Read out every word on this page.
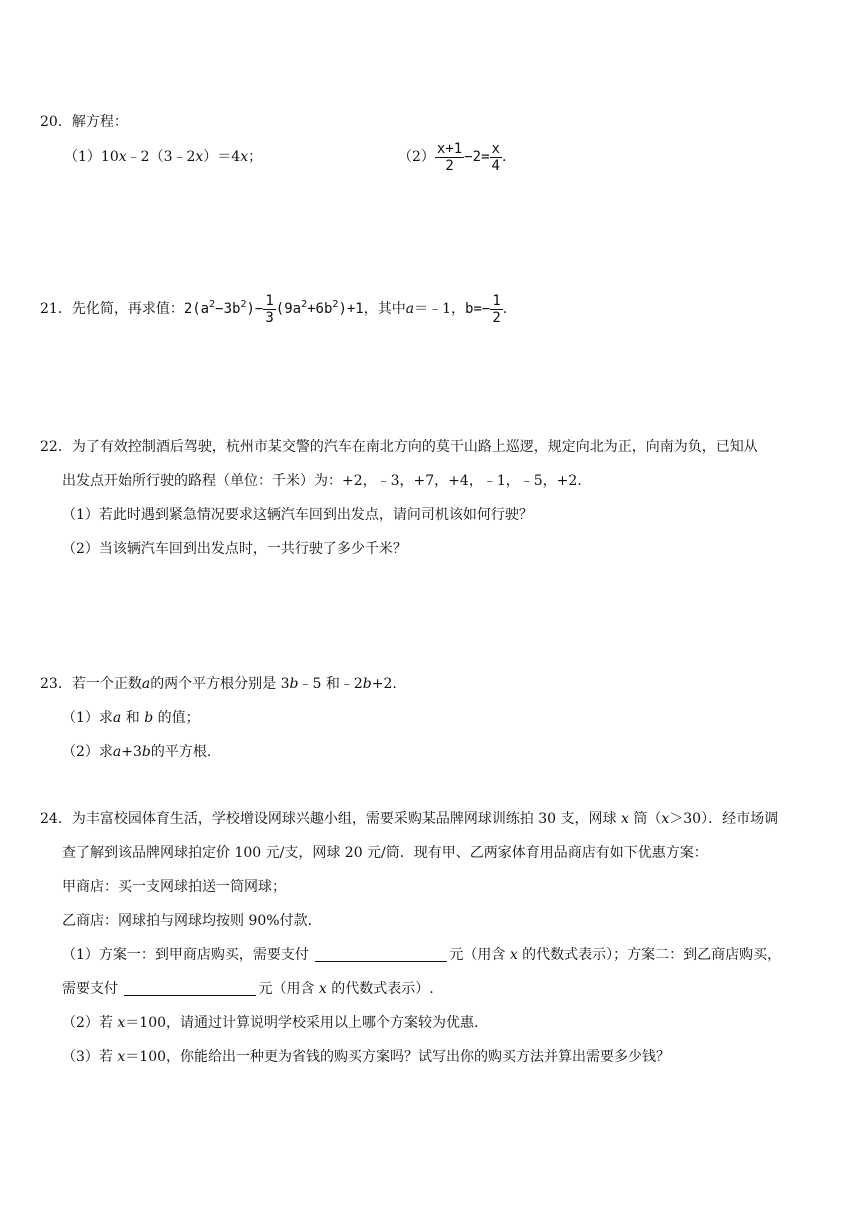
20．解方程：
（1）10x﹣2（3﹣2x）＝4x；	$(2) \frac{x+1}{2} -2= \frac{x}{4}$ .
21．先化简，再求值：$2(a^2-3b^2)- \frac{1}{3} (9a^2+6b^2)+1$，其中a＝﹣1，$b=- \frac{1}{2}$ .
22．为了有效控制酒后驾驶，杭州市某交警的汽车在南北方向的莫干山路上巡逻，规定向北为正，向南为负，已知从
出发点开始所行驶的路程（单位：千米）为：+2，﹣3，+7，+4，﹣1，﹣5，+2.
（1）若此时遇到紧急情况要求这辆汽车回到出发点，请问司机该如何行驶？
（2）当该辆汽车回到出发点时，一共行驶了多少千米？
23．若一个正数a的两个平方根分别是 3b﹣5 和﹣2b+2.
（1）求a 和 b 的值；
（2）求a+3b的平方根.
24．为丰富校园体育生活，学校增设网球兴趣小组，需要采购某品牌网球训练拍 30 支，网球 x 筒（x＞30）．经市场调
查了解到该品牌网球拍定价 100 元/支，网球 20 元/筒．现有甲、乙两家体育用品商店有如下优惠方案：
甲商店：买一支网球拍送一筒网球；
乙商店：网球拍与网球均按则 90%付款．
（1）方案一：到甲商店购买，需要支付	元（用含 x 的代数式表示）；方案二：到乙商店购买，
需要支付	元（用含 x 的代数式表示）.
（2）若 x＝100，请通过计算说明学校采用以上哪个方案较为优惠．
（3）若 x＝100，你能给出一种更为省钱的购买方案吗？试写出你的购买方法并算出需要多少钱？
